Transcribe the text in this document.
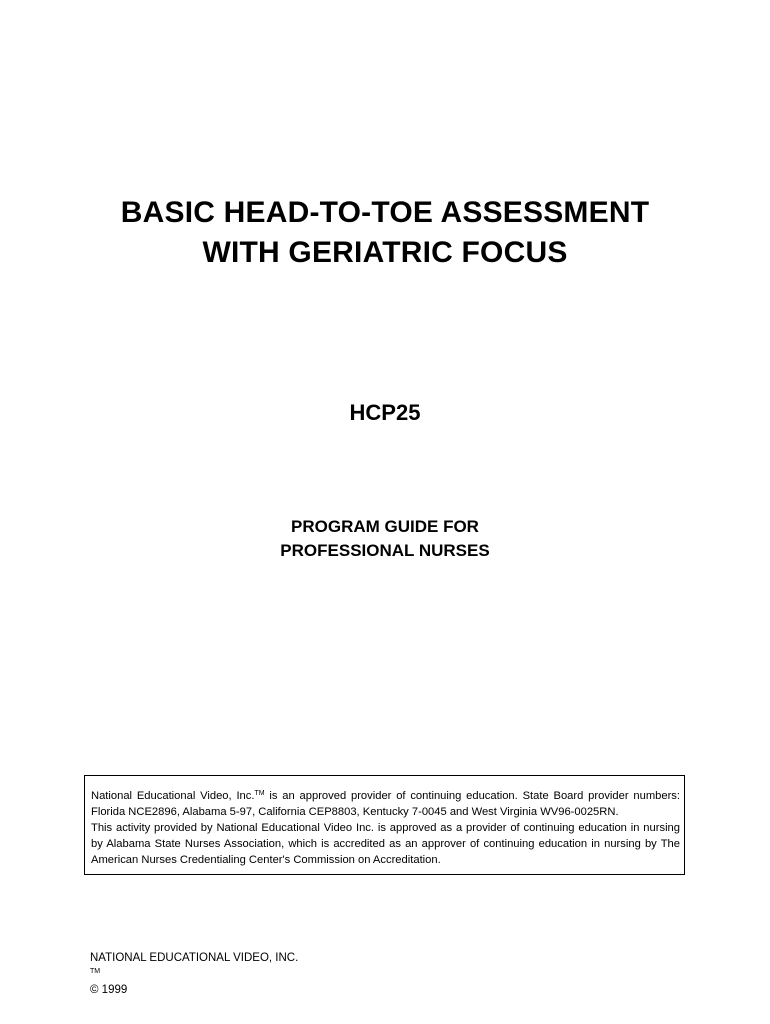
BASIC HEAD-TO-TOE ASSESSMENT
WITH GERIATRIC FOCUS
HCP25
PROGRAM GUIDE FOR
PROFESSIONAL NURSES

National Educational Video, Inc.™ is an approved provider of continuing education. State Board provider numbers: Florida NCE2896, Alabama 5-97, California CEP8803, Kentucky 7-0045 and West Virginia WV96-0025RN.

This activity provided by National Educational Video Inc. is approved as a provider of continuing education in nursing by Alabama State Nurses Association, which is accredited as an approver of continuing education in nursing by The American Nurses Credentialing Center's Commission on Accreditation.

NATIONAL EDUCATIONAL VIDEO, INC.
™
© 1999
